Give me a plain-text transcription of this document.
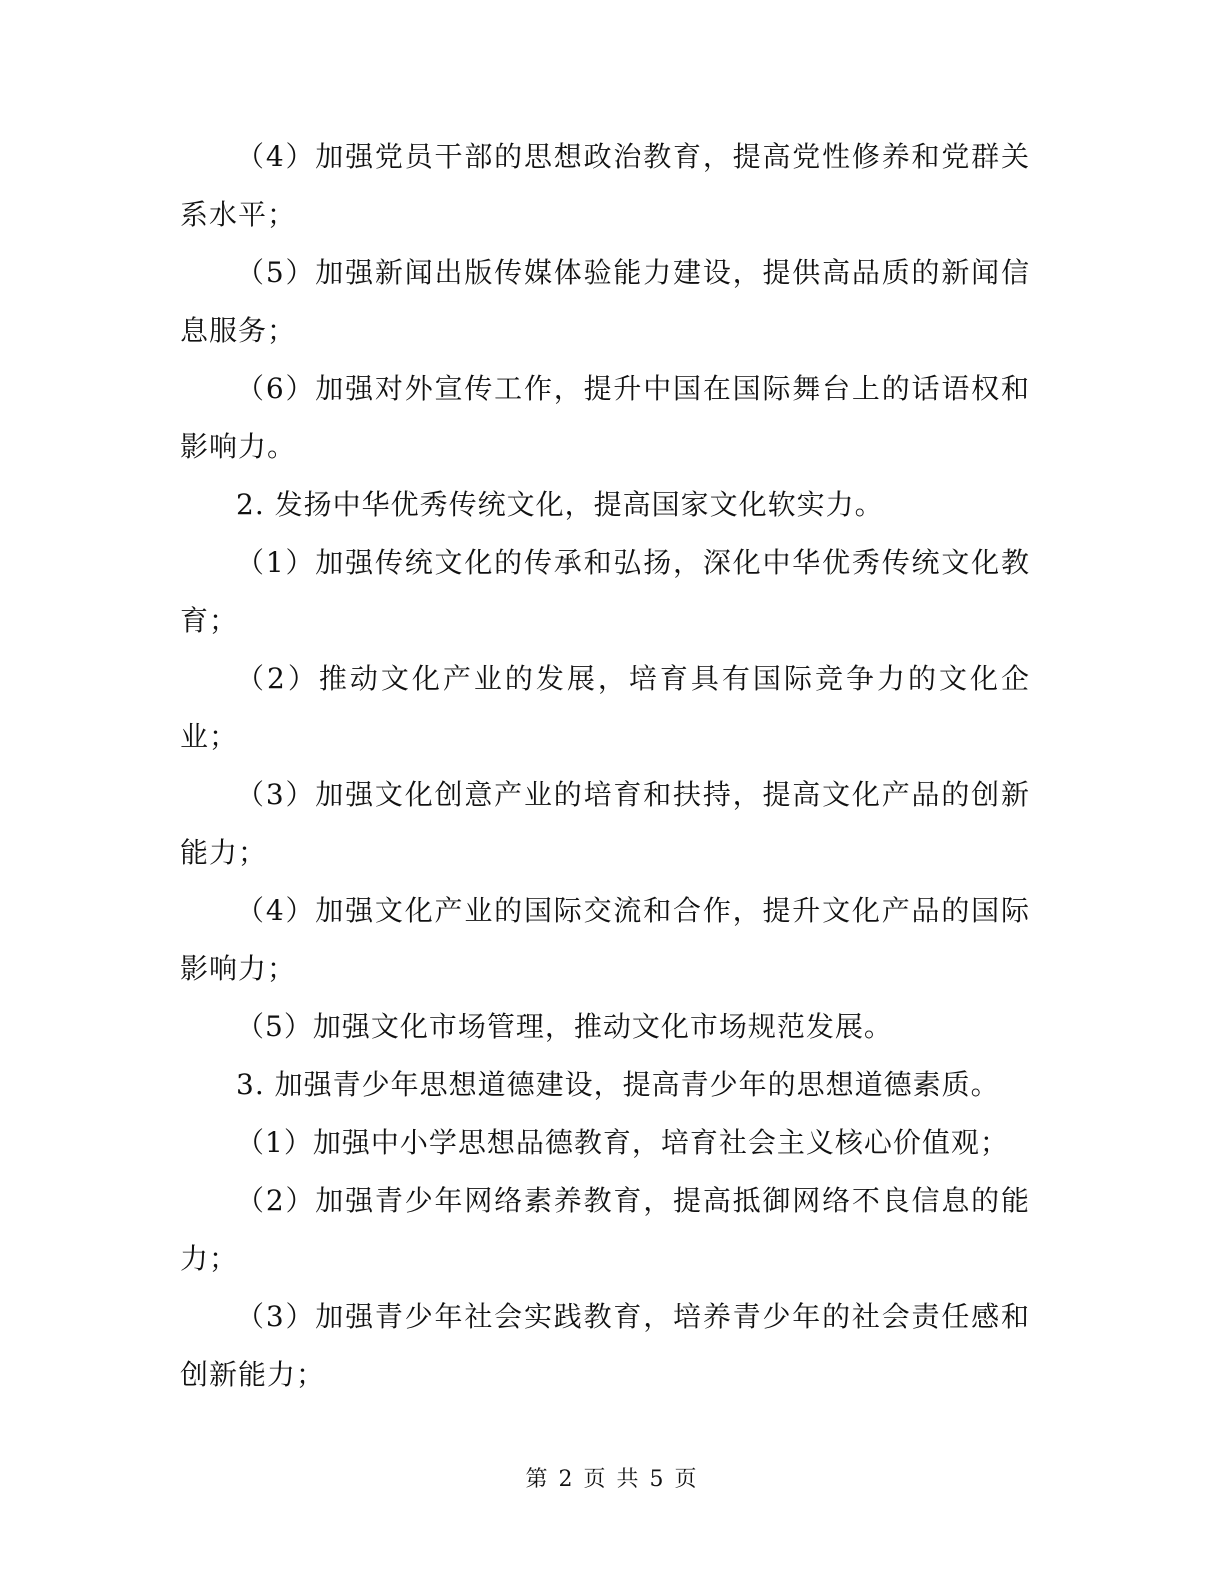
（4）加强党员干部的思想政治教育，提高党性修养和党群关系水平；

（5）加强新闻出版传媒体验能力建设，提供高品质的新闻信息服务；

（6）加强对外宣传工作，提升中国在国际舞台上的话语权和影响力。

2. 发扬中华优秀传统文化，提高国家文化软实力。

（1）加强传统文化的传承和弘扬，深化中华优秀传统文化教育；

（2）推动文化产业的发展，培育具有国际竞争力的文化企业；

（3）加强文化创意产业的培育和扶持，提高文化产品的创新能力；

（4）加强文化产业的国际交流和合作，提升文化产品的国际影响力；

（5）加强文化市场管理，推动文化市场规范发展。

3. 加强青少年思想道德建设，提高青少年的思想道德素质。

（1）加强中小学思想品德教育，培育社会主义核心价值观；

（2）加强青少年网络素养教育，提高抵御网络不良信息的能力；

（3）加强青少年社会实践教育，培养青少年的社会责任感和创新能力；

第 2 页 共 5 页
